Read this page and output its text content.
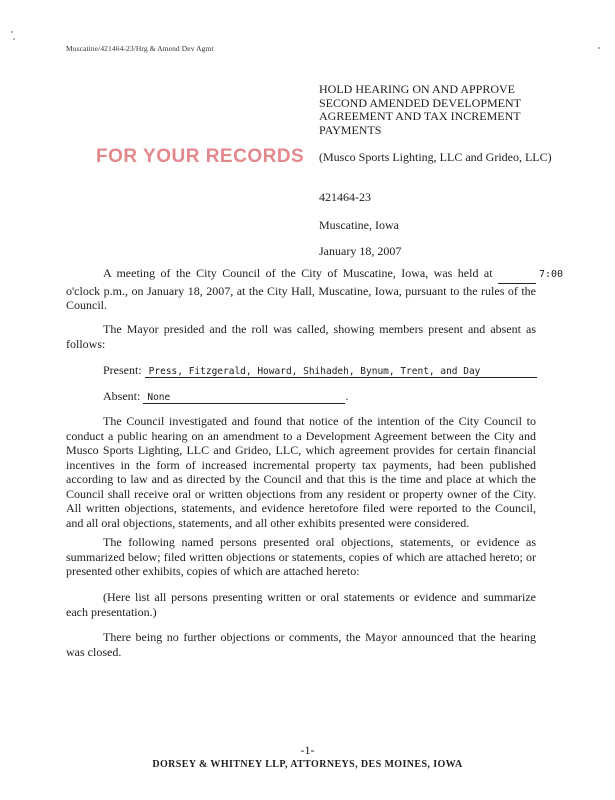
Muscatine/421464-23/Hrg & Amend Dev Agmt
HOLD HEARING ON AND APPROVE SECOND AMENDED DEVELOPMENT AGREEMENT AND TAX INCREMENT PAYMENTS
FOR YOUR RECORDS (Musco Sports Lighting, LLC and Grideo, LLC)
421464-23
Muscatine, Iowa
January 18, 2007
A meeting of the City Council of the City of Muscatine, Iowa, was held at	7:00 o'clock p.m., on January 18, 2007, at the City Hall, Muscatine, Iowa, pursuant to the rules of the Council.
The Mayor presided and the roll was called, showing members present and absent as follows:
Present: Press, Fitzgerald, Howard, Shihadeh, Bynum, Trent, and Day
Absent: None	.
The Council investigated and found that notice of the intention of the City Council to conduct a public hearing on an amendment to a Development Agreement between the City and Musco Sports Lighting, LLC and Grideo, LLC, which agreement provides for certain financial incentives in the form of increased incremental property tax payments, had been published according to law and as directed by the Council and that this is the time and place at which the Council shall receive oral or written objections from any resident or property owner of the City. All written objections, statements, and evidence heretofore filed were reported to the Council, and all oral objections, statements, and all other exhibits presented were considered.
The following named persons presented oral objections, statements, or evidence as summarized below; filed written objections or statements, copies of which are attached hereto; or presented other exhibits, copies of which are attached hereto:
(Here list all persons presenting written or oral statements or evidence and summarize each presentation.)
There being no further objections or comments, the Mayor announced that the hearing was closed.
-1-
DORSEY & WHITNEY LLP, ATTORNEYS, DES MOINES, IOWA
